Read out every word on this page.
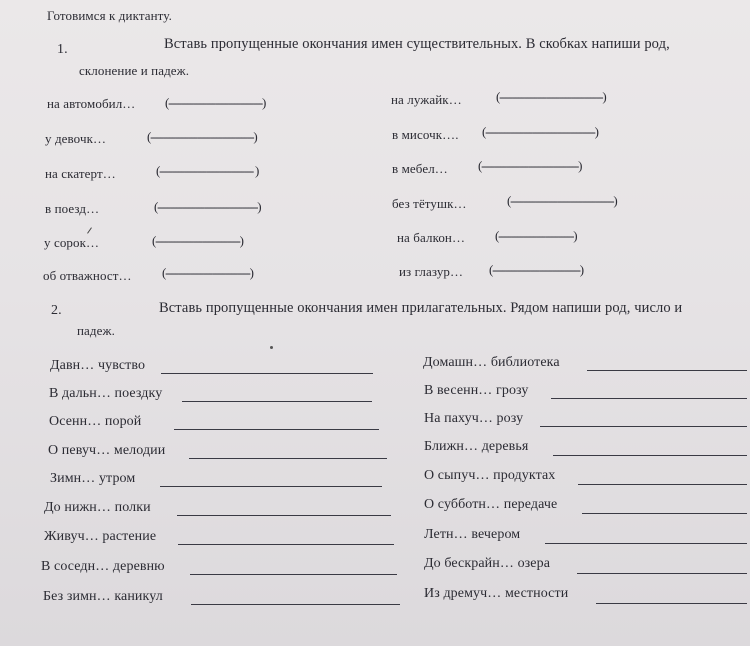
Готовимся к диктанту.
1.	Вставь пропущенные окончания имен существительных. В скобках напиши род,
склонение и падеж.
на автомобил… (------------------------------)	на лужайк…	(---------------------------------)
у девочк…	(---------------------------------)	в мисочк…. (-----------------------------------)
на скатерт…	(------------------------------ )	в мебел… (-------------------------------)
в поезд…	(--------------------------------)	без тётушк…	(---------------------------------)
у сорок…	(---------------------------)	на балкон… (------------------------)
об отважност… (---------------------------)	из глазур… (----------------------------)
2.	Вставь пропущенные окончания имен прилагательных. Рядом напиши род, число и
падеж.
Давн… чувство
В дальн… поездку
Осенн… порой
О певуч… мелодии
Зимн… утром
До нижн… полки
Живуч… растение
В соседн… деревню
Без зимн… каникул
Домашн… библиотека
В весенн… грозу
На пахуч… розу
Ближн… деревья
О сыпуч… продуктах
О субботн… передаче
Летн… вечером
До бескрайн… озера
Из дремуч… местности
